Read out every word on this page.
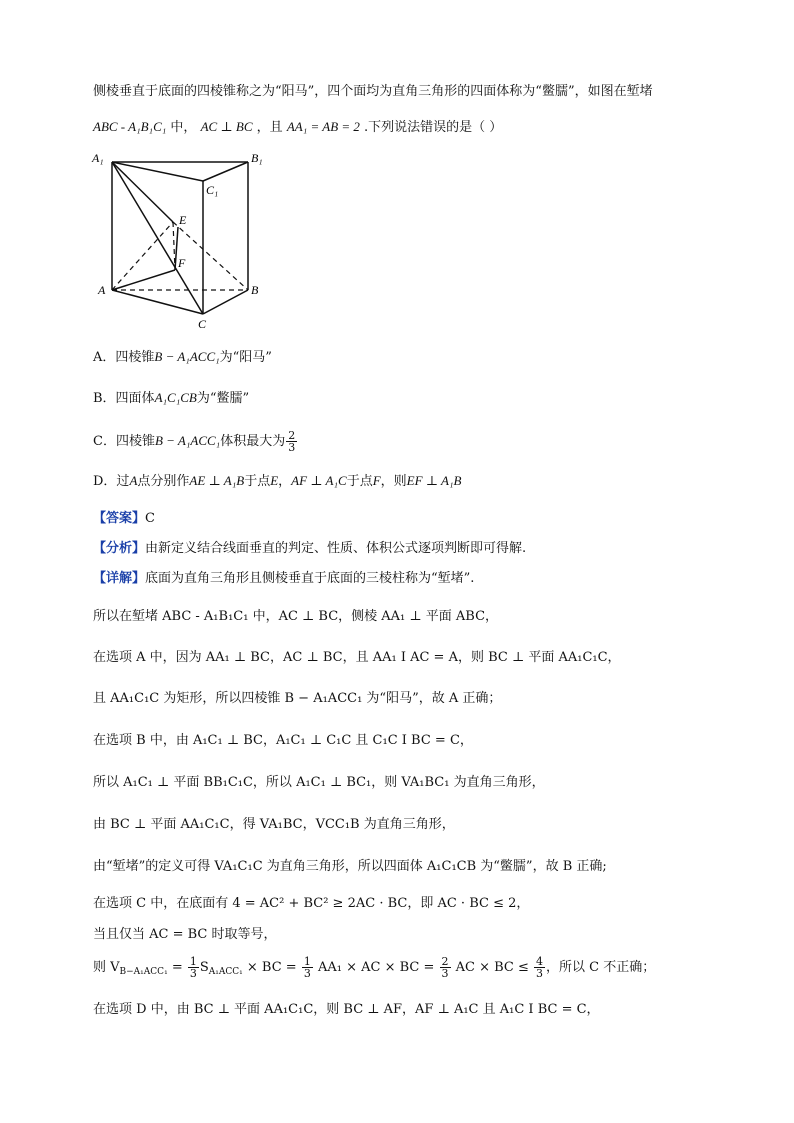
侧棱垂直于底面的四棱锥称之为“阳马”，四个面均为直角三角形的四面体称为“鳖臑”，如图在堑堵
ABC - A₁B₁C₁ 中， AC ⊥ BC ，且 AA₁ = AB = 2 .下列说法错误的是（ ）
A₁	B₁
C₁
A	B
C
E
F
A．四棱锥B − A₁ACC₁为“阳马”
B．四面体A₁C₁CB为“鳖臑”
C．四棱锥B − A₁ACC₁体积最大为 $\frac{2}{3}$
D．过A点分别作AE ⊥ A₁B于点E，AF ⊥ A₁C于点F，则EF ⊥ A₁B
【答案】C
【分析】由新定义结合线面垂直的判定、性质、体积公式逐项判断即可得解.
【详解】底面为直角三角形且侧棱垂直于底面的三棱柱称为“堑堵”.
所以在堑堵 ABC - A₁B₁C₁ 中，AC ⊥ BC，侧棱 AA₁ ⊥ 平面 ABC，
在选项 A 中，因为 AA₁ ⊥ BC，AC ⊥ BC，且 AA₁ I AC = A，则 BC ⊥ 平面 AA₁C₁C，
且 AA₁C₁C 为矩形，所以四棱锥 B − A₁ACC₁ 为“阳马”，故 A 正确；
在选项 B 中，由 A₁C₁ ⊥ BC，A₁C₁ ⊥ C₁C 且 C₁C I BC = C，
所以 A₁C₁ ⊥ 平面 BB₁C₁C，所以 A₁C₁ ⊥ BC₁，则 VA₁BC₁ 为直角三角形，
由 BC ⊥ 平面 AA₁C₁C，得 VA₁BC，VCC₁B 为直角三角形，
由“堑堵”的定义可得 VA₁C₁C 为直角三角形，所以四面体 A₁C₁CB 为“鳖臑”，故 B 正确;
在选项 C 中，在底面有 4 = AC² + BC² ≥ 2AC · BC，即 AC · BC ≤ 2，
当且仅当 AC = BC 时取等号，
则 $V_{B-A_1ACC_1} = \frac{1}{3} S_{A_1ACC_1}$ × BC = $\frac{1}{3} AA_1$ × AC × BC = $\frac{2}{3}$ AC × BC ≤ $\frac{4}{3}$ ，所以 C 不正确；
在选项 D 中，由 BC ⊥ 平面 AA₁C₁C，则 BC ⊥ AF，AF ⊥ A₁C 且 A₁C I BC = C，
